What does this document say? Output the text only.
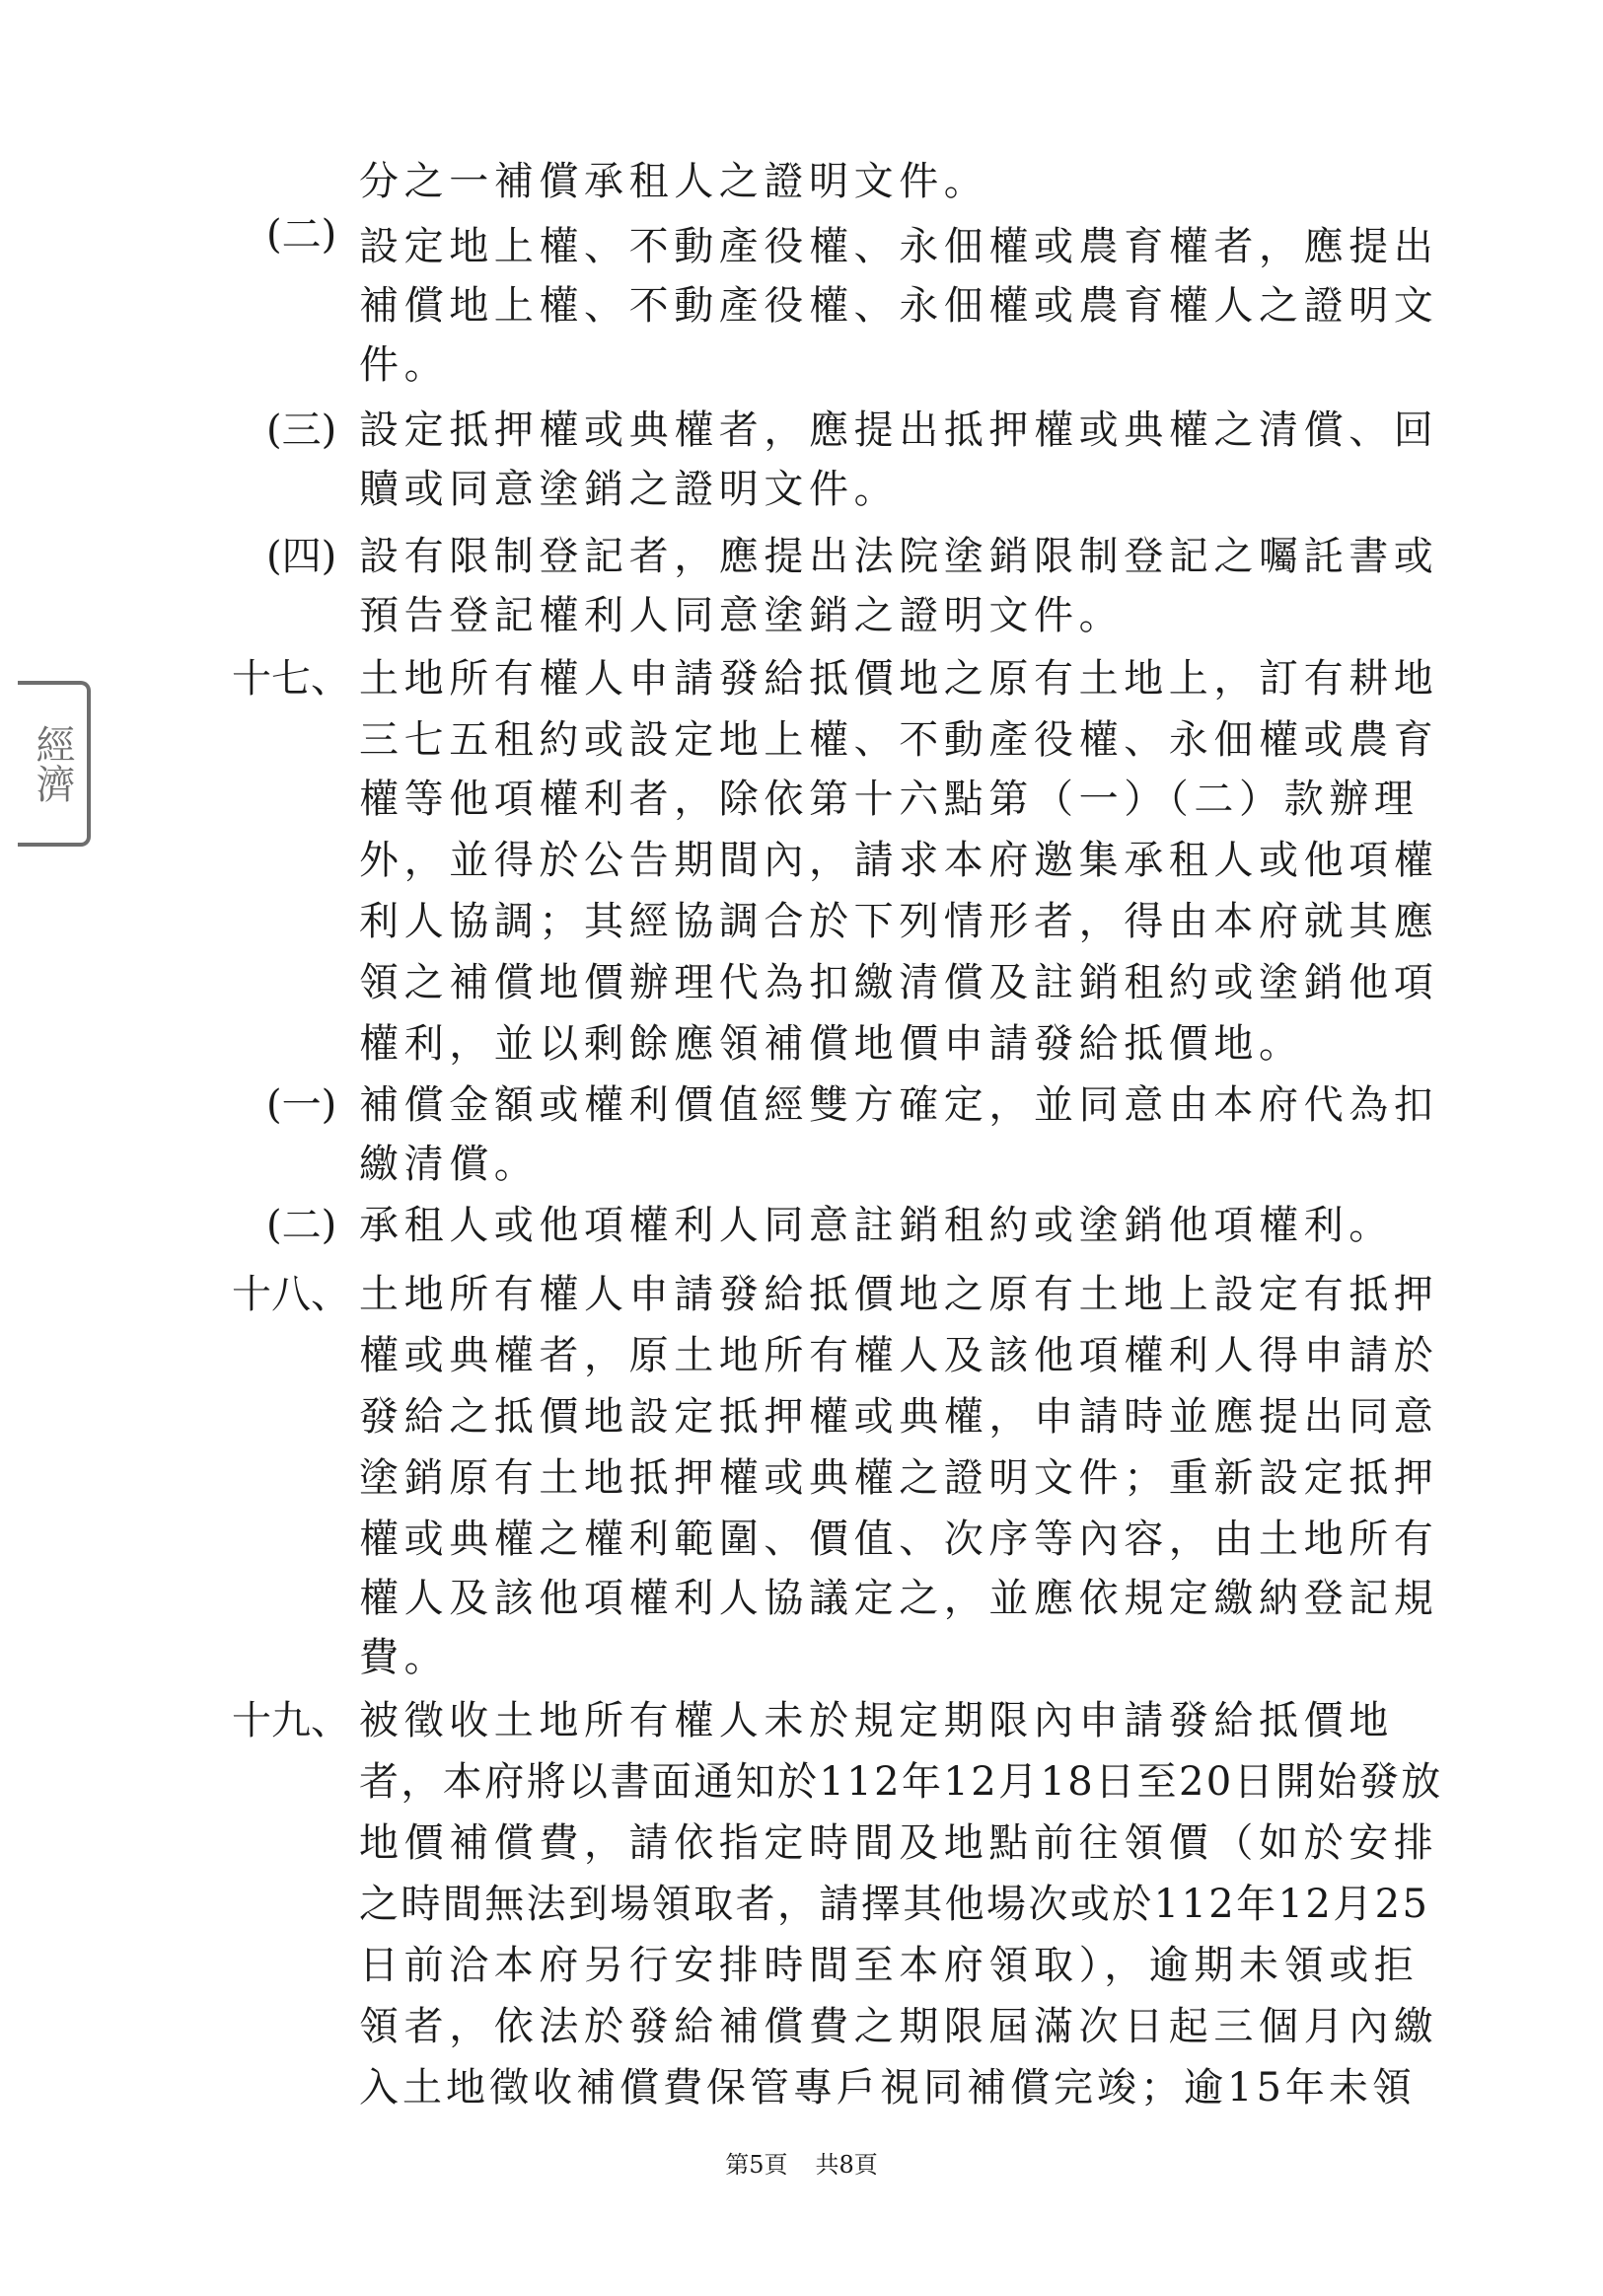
經濟
(二)
(三)
(四)
十七、
(一)
(二)
十八、
十九、
分之一補償承租人之證明文件。
設定地上權、不動產役權、永佃權或農育權者，應提出
補償地上權、不動產役權、永佃權或農育權人之證明文
件。
設定抵押權或典權者，應提出抵押權或典權之清償、回
贖或同意塗銷之證明文件。
設有限制登記者，應提出法院塗銷限制登記之囑託書或
預告登記權利人同意塗銷之證明文件。
土地所有權人申請發給抵價地之原有土地上，訂有耕地
三七五租約或設定地上權、不動產役權、永佃權或農育
權等他項權利者，除依第十六點第（一）（二）款辦理
外，並得於公告期間內，請求本府邀集承租人或他項權
利人協調；其經協調合於下列情形者，得由本府就其應
領之補償地價辦理代為扣繳清償及註銷租約或塗銷他項
權利，並以剩餘應領補償地價申請發給抵價地。
補償金額或權利價值經雙方確定，並同意由本府代為扣
繳清償。
承租人或他項權利人同意註銷租約或塗銷他項權利。
土地所有權人申請發給抵價地之原有土地上設定有抵押
權或典權者，原土地所有權人及該他項權利人得申請於
發給之抵價地設定抵押權或典權，申請時並應提出同意
塗銷原有土地抵押權或典權之證明文件；重新設定抵押
權或典權之權利範圍、價值、次序等內容，由土地所有
權人及該他項權利人協議定之，並應依規定繳納登記規
費。
被徵收土地所有權人未於規定期限內申請發給抵價地
者，本府將以書面通知於112年12月18日至20日開始發放
地價補償費，請依指定時間及地點前往領價（如於安排
之時間無法到場領取者，請擇其他場次或於112年12月25
日前洽本府另行安排時間至本府領取），逾期未領或拒
領者，依法於發給補償費之期限屆滿次日起三個月內繳
入土地徵收補償費保管專戶視同補償完竣；逾15年未領
第5頁 共8頁
